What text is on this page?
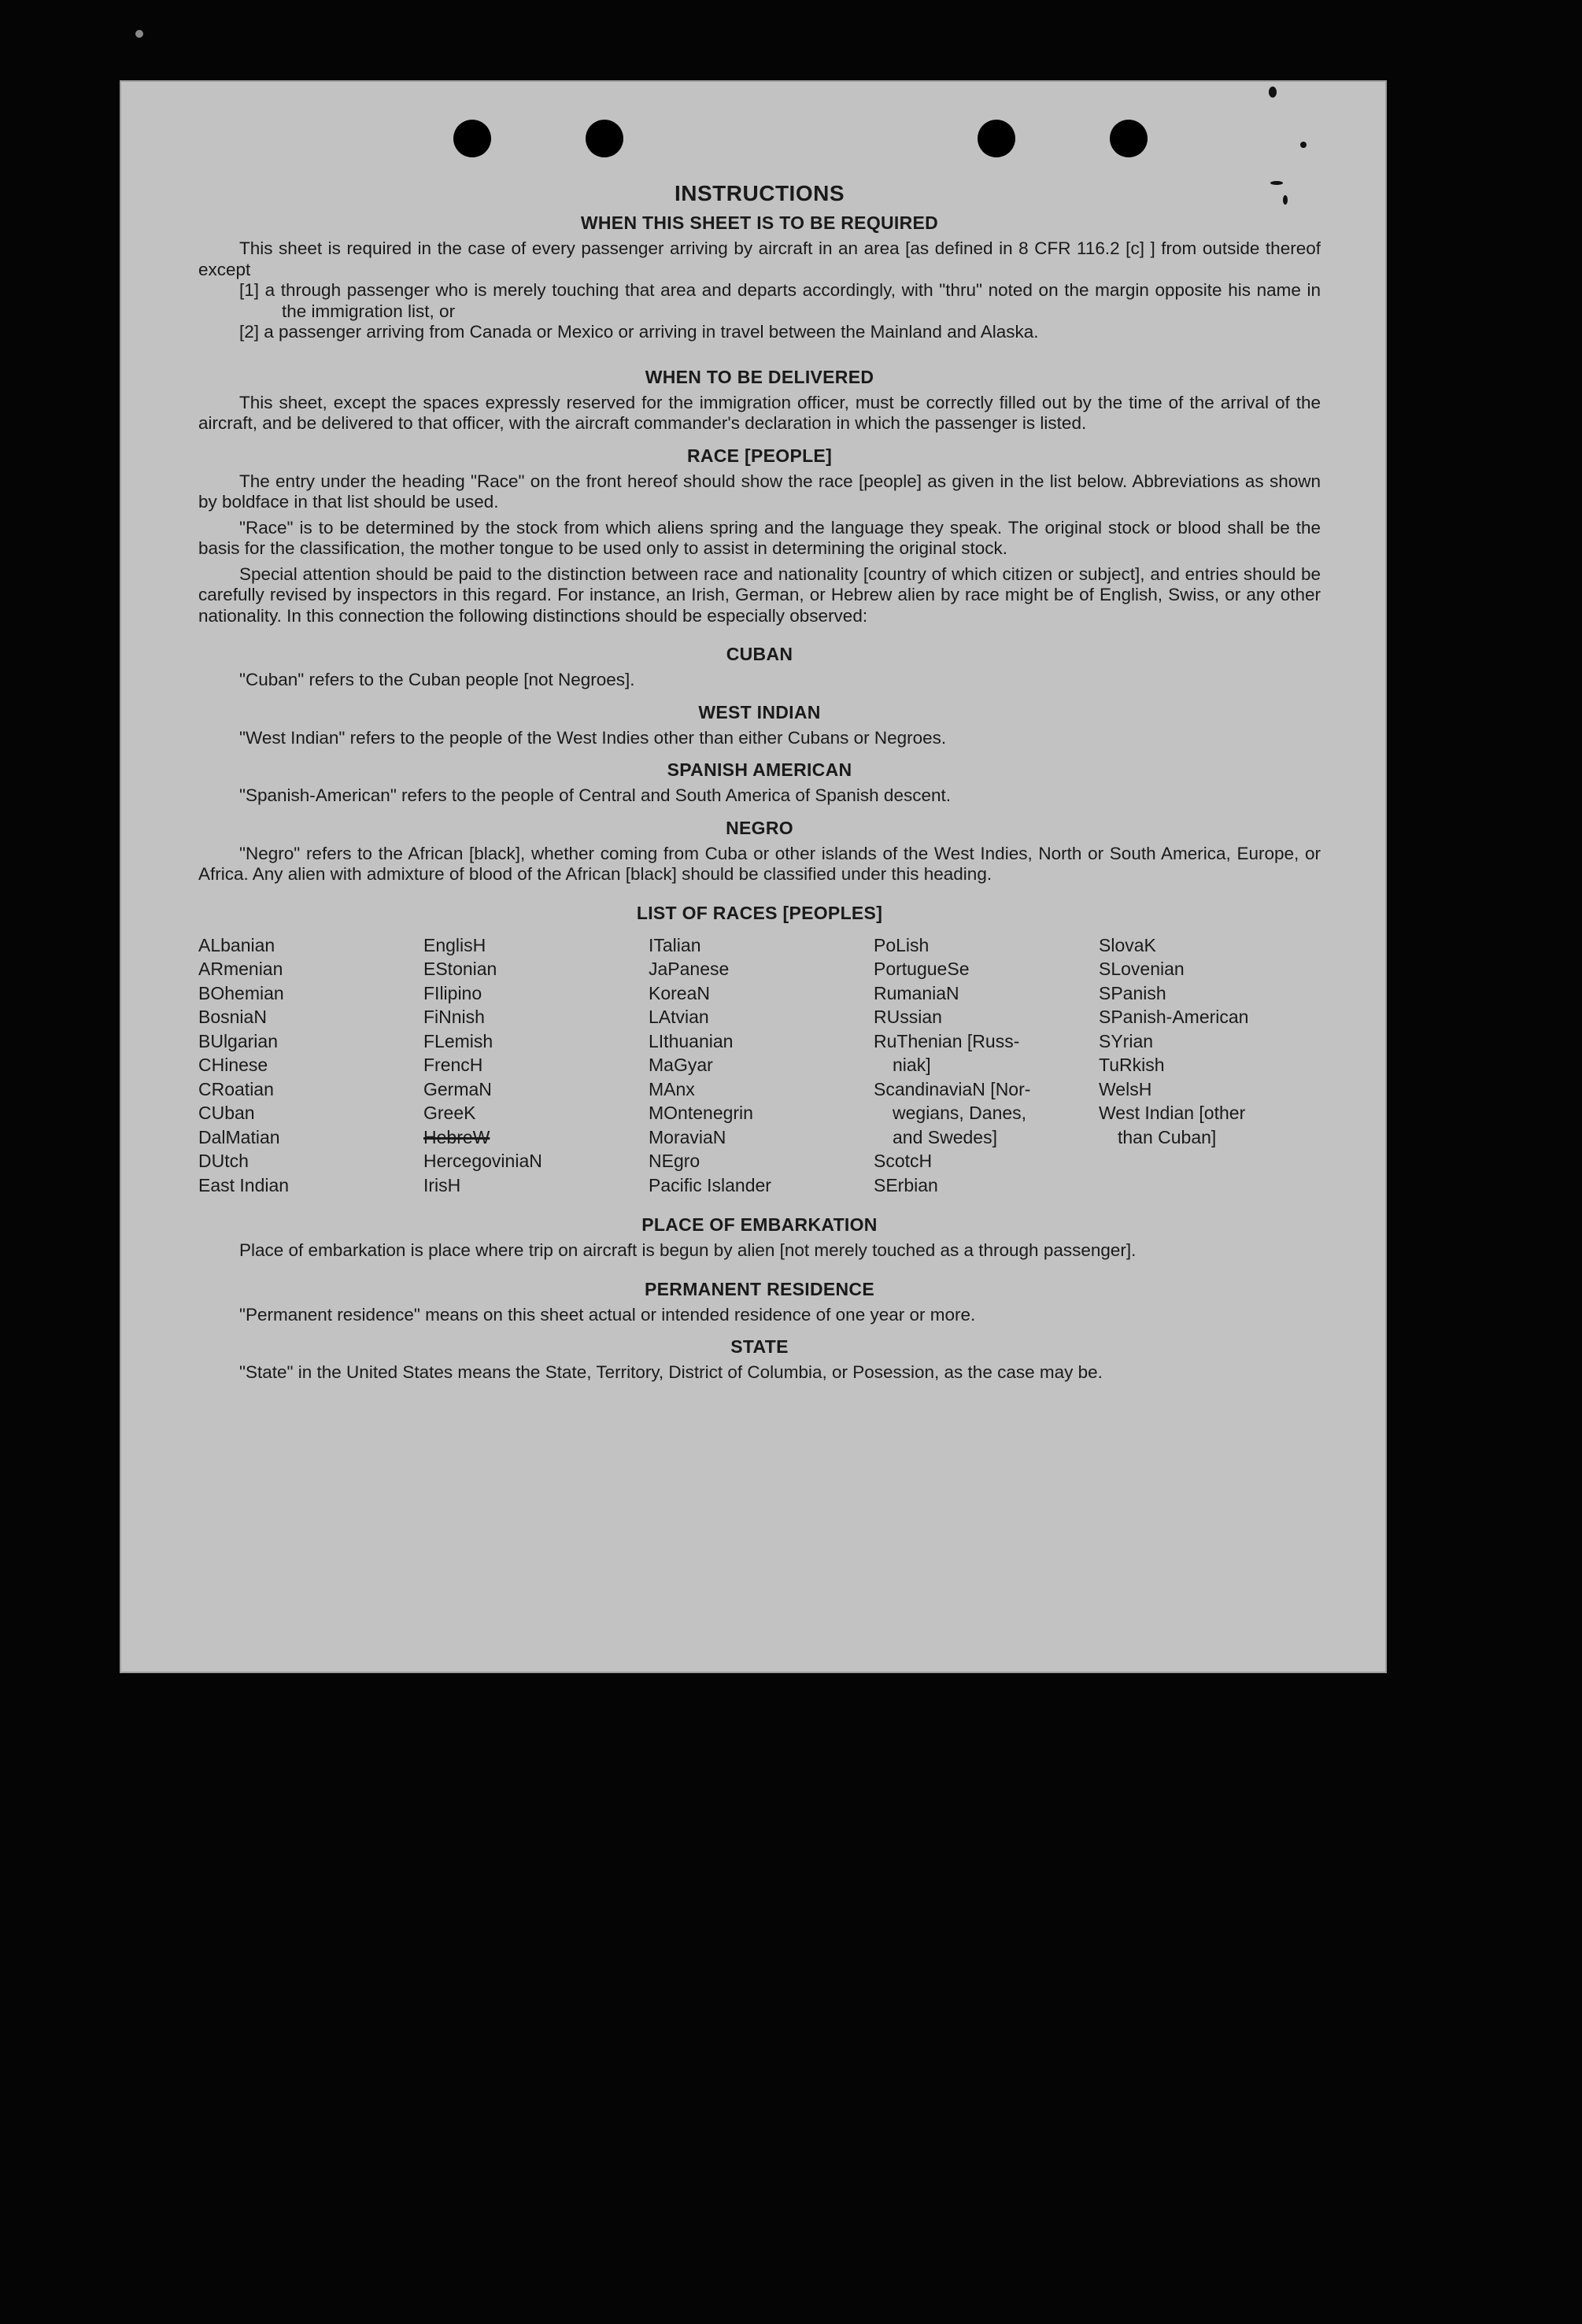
INSTRUCTIONS
WHEN THIS SHEET IS TO BE REQUIRED

This sheet is required in the case of every passenger arriving by aircraft in an area [as defined in 8 CFR 116.2 [c] ] from outside thereof except

[1] a through passenger who is merely touching that area and departs accordingly, with "thru" noted on the margin opposite his name in the immigration list, or

[2] a passenger arriving from Canada or Mexico or arriving in travel between the Mainland and Alaska.

WHEN TO BE DELIVERED

This sheet, except the spaces expressly reserved for the immigration officer, must be correctly filled out by the time of the arrival of the aircraft, and be delivered to that officer, with the aircraft commander's declaration in which the passenger is listed.

RACE [PEOPLE]

The entry under the heading "Race" on the front hereof should show the race [people] as given in the list below. Abbreviations as shown by boldface in that list should be used.

"Race" is to be determined by the stock from which aliens spring and the language they speak. The original stock or blood shall be the basis for the classification, the mother tongue to be used only to assist in determining the original stock.

Special attention should be paid to the distinction between race and nationality [country of which citizen or subject], and entries should be carefully revised by inspectors in this regard. For instance, an Irish, German, or Hebrew alien by race might be of English, Swiss, or any other nationality. In this connection the following distinctions should be especially observed:

CUBAN

"Cuban" refers to the Cuban people [not Negroes].

WEST INDIAN

"West Indian" refers to the people of the West Indies other than either Cubans or Negroes.

SPANISH AMERICAN

"Spanish-American" refers to the people of Central and South America of Spanish descent.

NEGRO

"Negro" refers to the African [black], whether coming from Cuba or other islands of the West Indies, North or South America, Europe, or Africa. Any alien with admixture of blood of the African [black] should be classified under this heading.

LIST OF RACES [PEOPLES]
ALbanian
ARmenian
BOhemian
BosniaN
BUlgarian
CHinese
CRoatian
CUban
DalMatian
DUtch
East Indian
EnglisH
EStonian
FIlipino
FiNnish
FLemish
FrencH
GermaN
GreeK
HebreW
HercegoviniaN
IrisH
ITalian
JaPanese
KoreaN
LAtvian
LIthuanian
MaGyar
MAnx
MOntenegrin
MoraviaN
NEgro
Pacific Islander
PoLish
PortugueSe
RumaniaN
RUssian
RuThenian [Russ-
niak]
ScandinaviaN [Nor-
wegians, Danes,
and Swedes]
ScotcH
SErbian
SlovaK
SLovenian
SPanish
SPanish-American
SYrian
TuRkish
WelsH
West Indian [other
than Cuban]
PLACE OF EMBARKATION

Place of embarkation is place where trip on aircraft is begun by alien [not merely touched as a through passenger].

PERMANENT RESIDENCE

"Permanent residence" means on this sheet actual or intended residence of one year or more.

STATE

"State" in the United States means the State, Territory, District of Columbia, or Posession, as the case may be.
